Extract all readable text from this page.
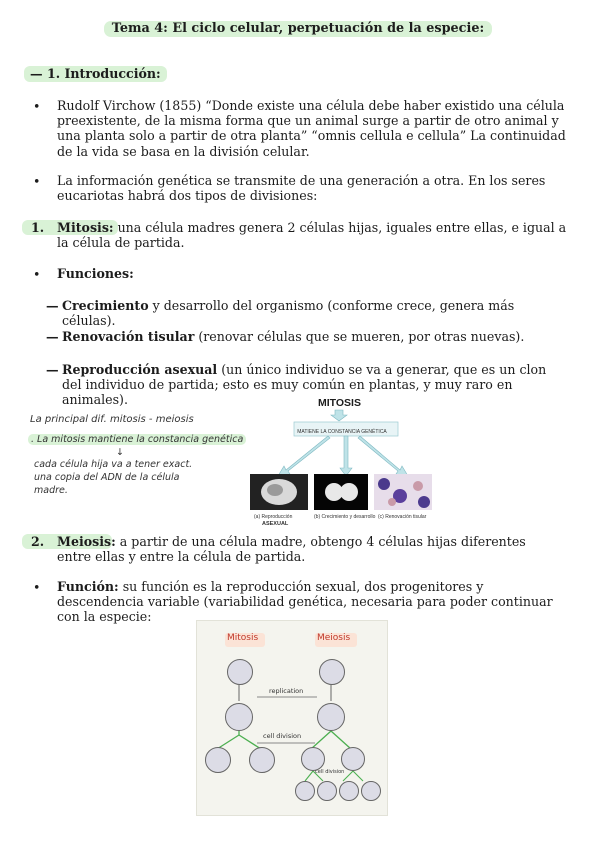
Tema 4: El ciclo celular, perpetuación de la especie:
— 1. Introducción:
• Rudolf Virchow (1855) “Donde existe una célula debe haber existido una célula preexistente, de la misma forma que un animal surge a partir de otro animal y una planta solo a partir de otra planta” “omnis cellula e cellula” La continuidad de la vida se basa en la división celular.
• La información genética se transmite de una generación a otra. En los seres eucariotas habrá dos tipos de divisiones:
1. Mitosis: una célula madres genera 2 células hijas, iguales entre ellas, e igual a la célula de partida.
• Funciones:
— Crecimiento y desarrollo del organismo (conforme crece, genera más células).
— Renovación tisular (renovar células que se mueren, por otras nuevas).
— Reproducción asexual (un único individuo se va a generar, que es un clon del individuo de partida; esto es muy común en plantas, y muy raro en animales).
La principal dif. mitosis - meiosis
. La mitosis mantiene la constancia genética
↓
cada célula hija va a tener exact.
una copia del ADN de la célula
madre.
MITOSIS
MATIENE LA CONSTANCIA GENÉTICA
(a) Reproducción
ASEXUAL
(b) Crecimiento y desarrollo (c) Renovación tisular
2. Meiosis: a partir de una célula madre, obtengo 4 células hijas diferentes entre ellas y entre la célula de partida.
• Función: su función es la reproducción sexual, dos progenitores y descendencia variable (variabilidad genética, necesaria para poder continuar con la especie:
Mitosis	Meiosis
replication
cell division
cell division
